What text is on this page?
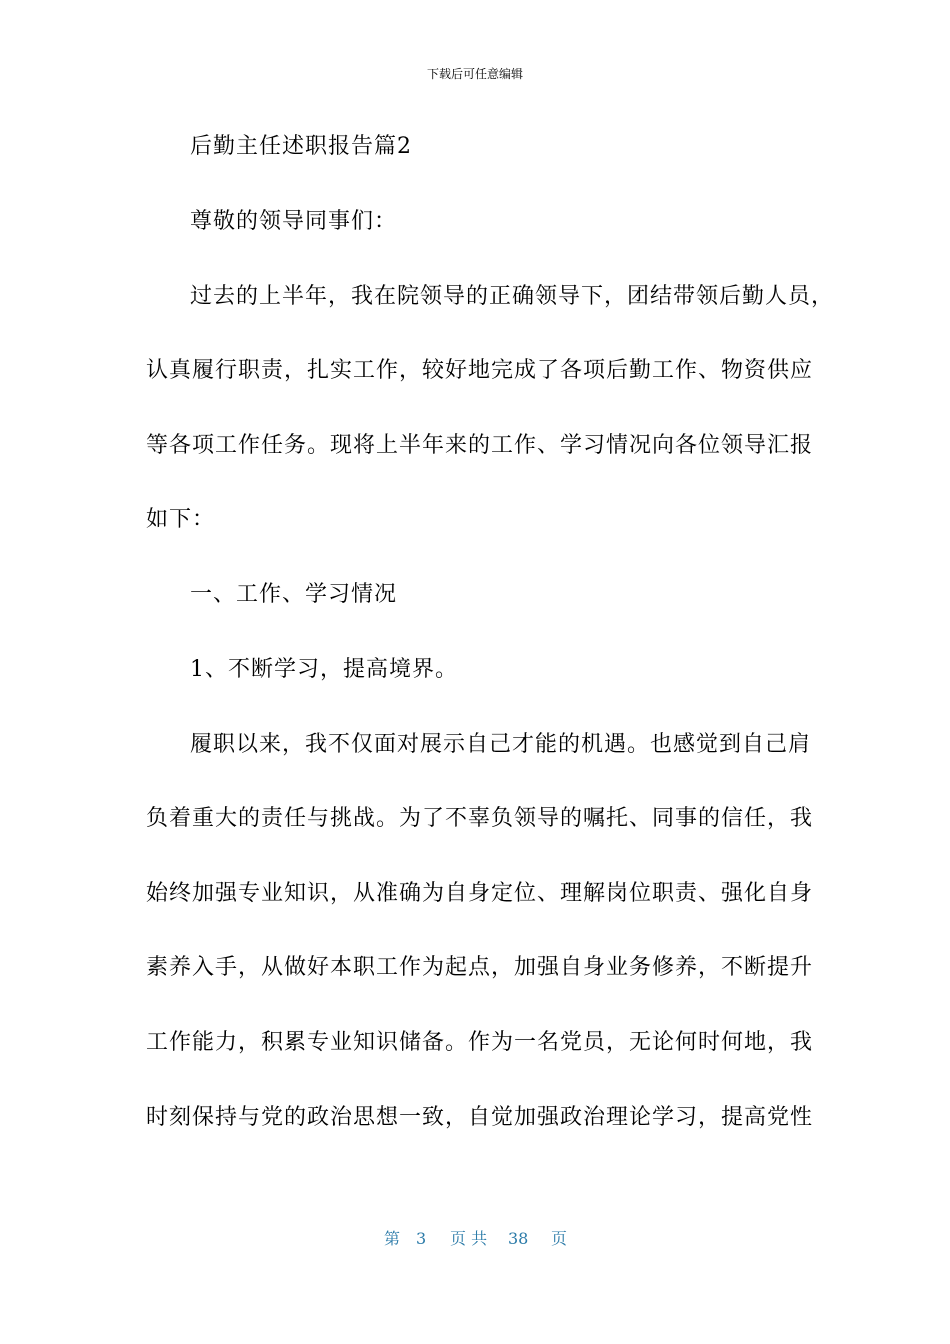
下载后可任意编辑
后勤主任述职报告篇2
尊敬的领导同事们：
过去的上半年，我在院领导的正确领导下，团结带领后勤人员，
认真履行职责，扎实工作，较好地完成了各项后勤工作、物资供应
等各项工作任务。现将上半年来的工作、学习情况向各位领导汇报
如下：
一、工作、学习情况
1、不断学习，提高境界。
履职以来，我不仅面对展示自己才能的机遇。也感觉到自己肩
负着重大的责任与挑战。为了不辜负领导的嘱托、同事的信任，我
始终加强专业知识，从准确为自身定位、理解岗位职责、强化自身
素养入手，从做好本职工作为起点，加强自身业务修养，不断提升
工作能力，积累专业知识储备。作为一名党员，无论何时何地，我
时刻保持与党的政治思想一致，自觉加强政治理论学习，提高党性
第 3 页 共 38 页
